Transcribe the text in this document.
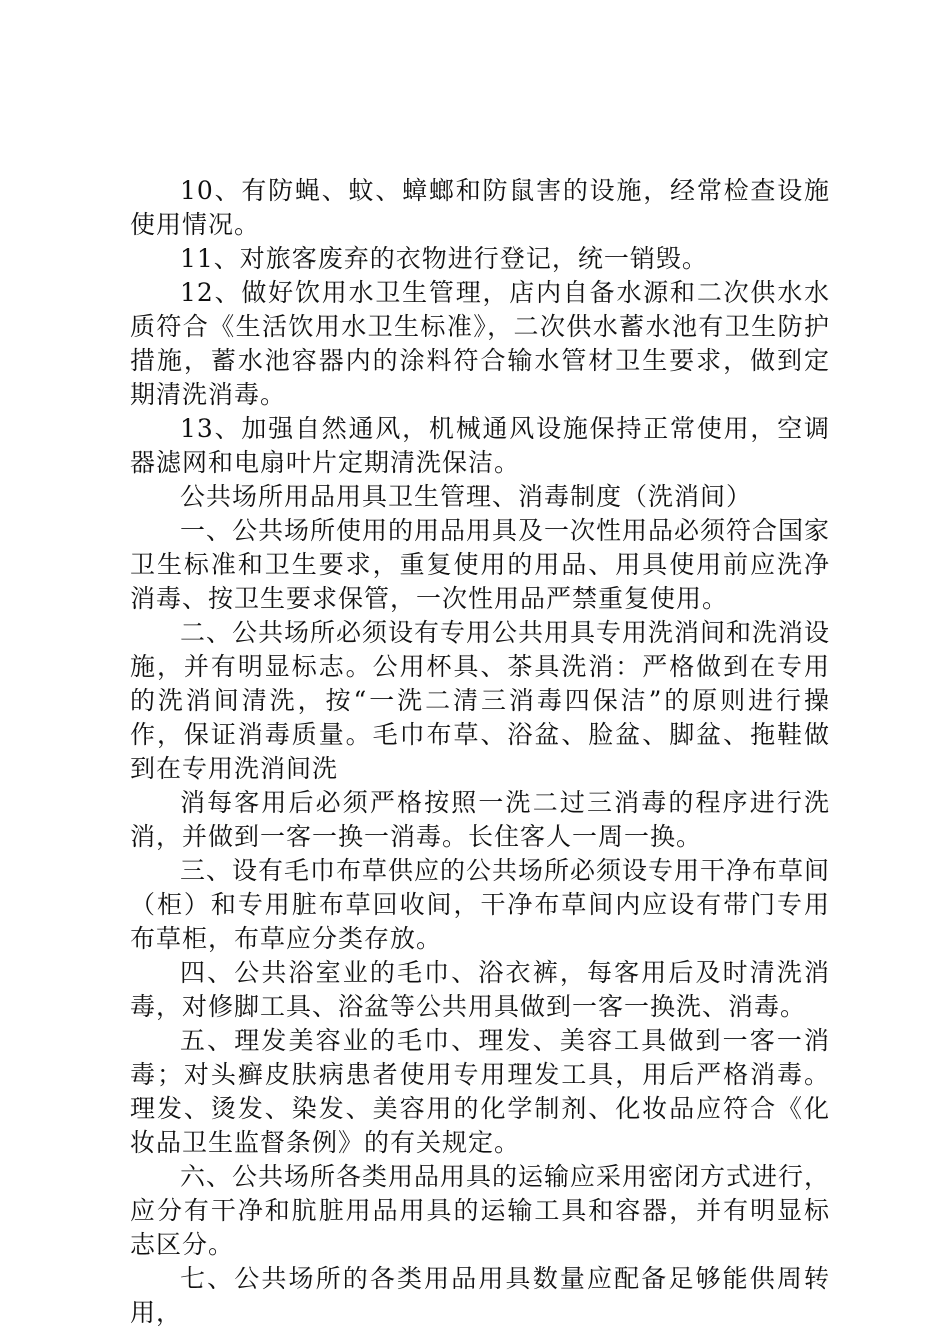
10、有防蝇、蚊、蟑螂和防鼠害的设施，经常检查设施使用情况。

11、对旅客废弃的衣物进行登记，统一销毁。

12、做好饮用水卫生管理，店内自备水源和二次供水水质符合《生活饮用水卫生标准》，二次供水蓄水池有卫生防护措施，蓄水池容器内的涂料符合输水管材卫生要求，做到定期清洗消毒。

13、加强自然通风，机械通风设施保持正常使用，空调器滤网和电扇叶片定期清洗保洁。

公共场所用品用具卫生管理、消毒制度（洗消间）

一、公共场所使用的用品用具及一次性用品必须符合国家卫生标准和卫生要求，重复使用的用品、用具使用前应洗净消毒、按卫生要求保管，一次性用品严禁重复使用。

二、公共场所必须设有专用公共用具专用洗消间和洗消设施，并有明显标志。公用杯具、茶具洗消：严格做到在专用的洗消间清洗，按“一洗二清三消毒四保洁”的原则进行操作，保证消毒质量。毛巾布草、浴盆、脸盆、脚盆、拖鞋做到在专用洗消间洗

消每客用后必须严格按照一洗二过三消毒的程序进行洗消，并做到一客一换一消毒。长住客人一周一换。

三、设有毛巾布草供应的公共场所必须设专用干净布草间（柜）和专用脏布草回收间，干净布草间内应设有带门专用布草柜，布草应分类存放。

四、公共浴室业的毛巾、浴衣裤，每客用后及时清洗消毒，对修脚工具、浴盆等公共用具做到一客一换洗、消毒。

五、理发美容业的毛巾、理发、美容工具做到一客一消毒；对头癣皮肤病患者使用专用理发工具，用后严格消毒。理发、烫发、染发、美容用的化学制剂、化妆品应符合《化妆品卫生监督条例》的有关规定。

六、公共场所各类用品用具的运输应采用密闭方式进行，应分有干净和肮脏用品用具的运输工具和容器，并有明显标志区分。

七、公共场所的各类用品用具数量应配备足够能供周转用，
